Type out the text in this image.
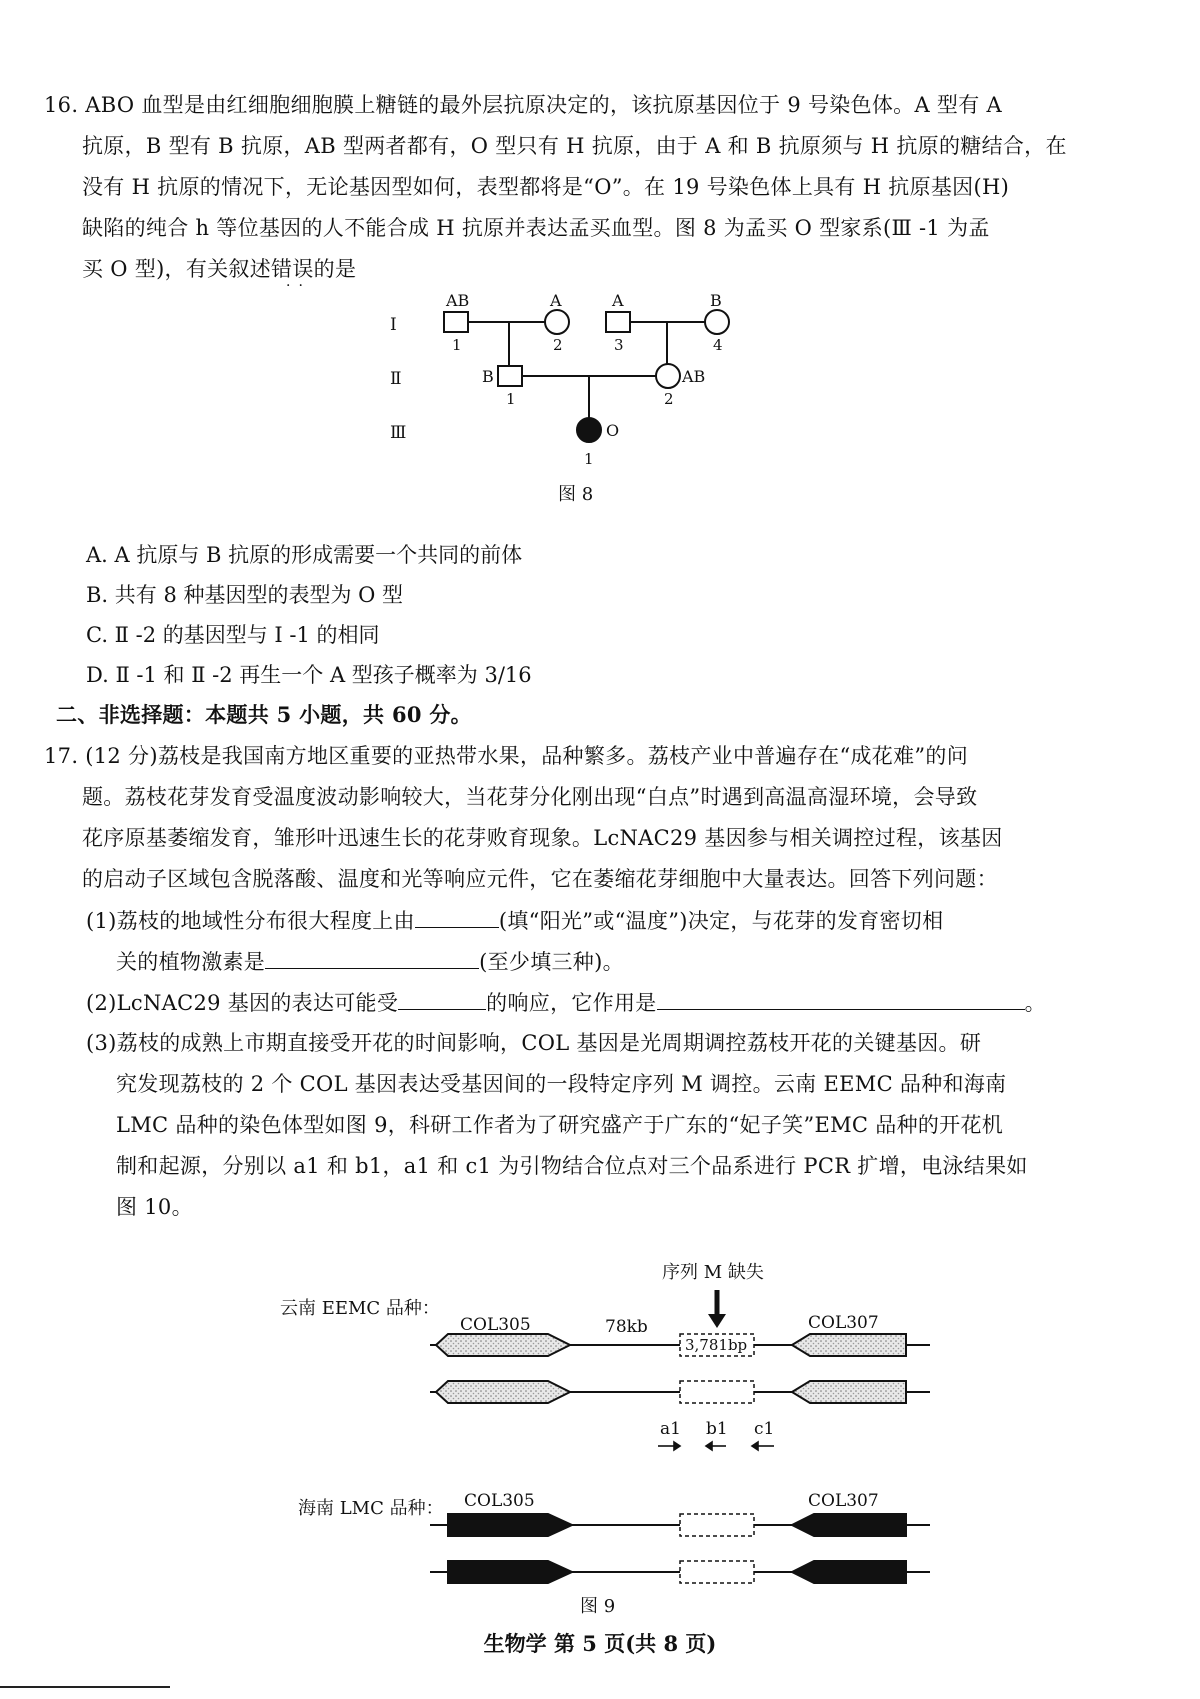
16. ABO 血型是由红细胞细胞膜上糖链的最外层抗原决定的，该抗原基因位于 9 号染色体。A 型有 A
抗原，B 型有 B 抗原，AB 型两者都有，O 型只有 H 抗原，由于 A 和 B 抗原须与 H 抗原的糖结合，在
没有 H 抗原的情况下，无论基因型如何，表型都将是“O”。在 19 号染色体上具有 H 抗原基因(H)
缺陷的纯合 h 等位基因的人不能合成 H 抗原并表达孟买血型。图 8 为孟买 O 型家系(Ⅲ -1 为孟
买 O 型)，有关叙述错误的是
··
Ⅰ
Ⅱ
Ⅲ
AB
1
A
2
A
3
B
4
B
1
AB
2
O
1
图 8
A. A 抗原与 B 抗原的形成需要一个共同的前体
B. 共有 8 种基因型的表型为 O 型
C. Ⅱ -2 的基因型与 Ⅰ -1 的相同
D. Ⅱ -1 和 Ⅱ -2 再生一个 A 型孩子概率为 3/16
二、非选择题：本题共 5 小题，共 60 分。
17. (12 分)荔枝是我国南方地区重要的亚热带水果，品种繁多。荔枝产业中普遍存在“成花难”的问
题。荔枝花芽发育受温度波动影响较大，当花芽分化刚出现“白点”时遇到高温高湿环境，会导致
花序原基萎缩发育，雏形叶迅速生长的花芽败育现象。LcNAC29 基因参与相关调控过程，该基因
的启动子区域包含脱落酸、温度和光等响应元件，它在萎缩花芽细胞中大量表达。回答下列问题：
(1)荔枝的地域性分布很大程度上由	(填“阳光”或“温度”)决定，与花芽的发育密切相
关的植物激素是	(至少填三种)。
(2)LcNAC29 基因的表达可能受	的响应，它作用是	。
(3)荔枝的成熟上市期直接受开花的时间影响，COL 基因是光周期调控荔枝开花的关键基因。研
究发现荔枝的 2 个 COL 基因表达受基因间的一段特定序列 M 调控。云南 EEMC 品种和海南
LMC 品种的染色体型如图 9，科研工作者为了研究盛产于广东的“妃子笑”EMC 品种的开花机
制和起源，分别以 a1 和 b1，a1 和 c1 为引物结合位点对三个品系进行 PCR 扩增，电泳结果如
图 10。
云南 EEMC 品种：
海南 LMC 品种：
序列 M 缺失
COL305	COL307
78kb
3,781bp
a1 b1 c1
COL305	COL307
图 9
生物学 第 5 页(共 8 页)
